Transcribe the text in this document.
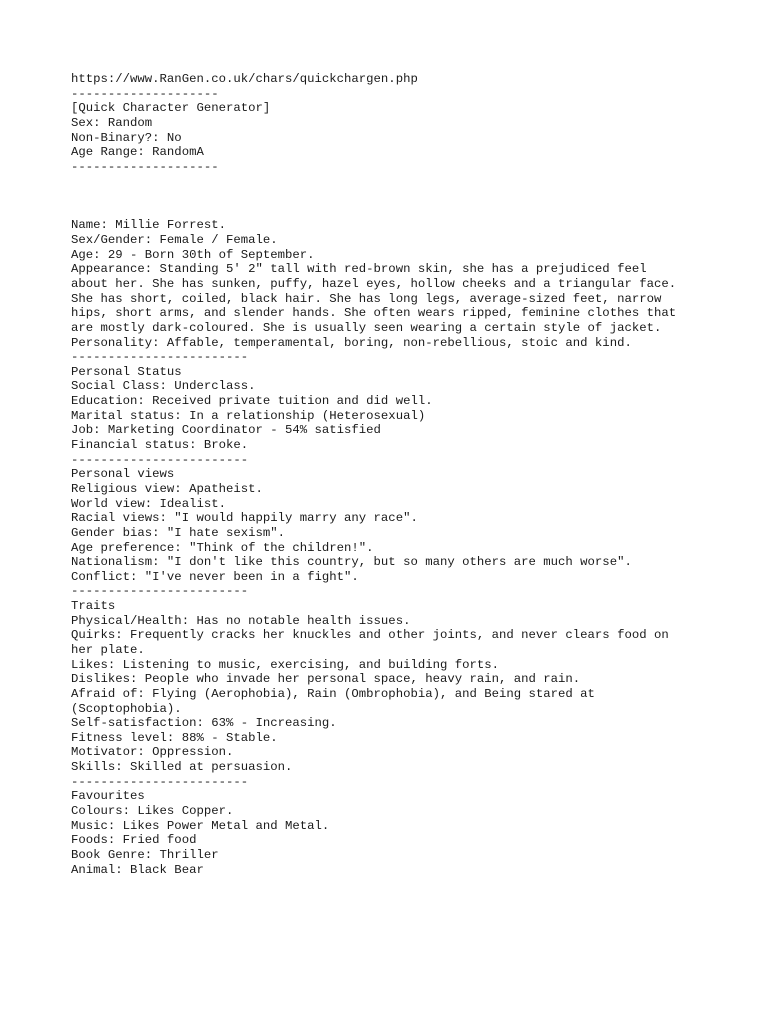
https://www.RanGen.co.uk/chars/quickchargen.php
--------------------
[Quick Character Generator]
Sex: Random
Non-Binary?: No
Age Range: RandomA
--------------------
Name: Millie Forrest.
Sex/Gender: Female / Female.
Age: 29 - Born 30th of September.
Appearance: Standing 5' 2" tall with red-brown skin, she has a prejudiced feel
about her. She has sunken, puffy, hazel eyes, hollow cheeks and a triangular face.
She has short, coiled, black hair. She has long legs, average-sized feet, narrow
hips, short arms, and slender hands. She often wears ripped, feminine clothes that
are mostly dark-coloured. She is usually seen wearing a certain style of jacket.
Personality: Affable, temperamental, boring, non-rebellious, stoic and kind.
------------------------
Personal Status
Social Class: Underclass.
Education: Received private tuition and did well.
Marital status: In a relationship (Heterosexual)
Job: Marketing Coordinator - 54% satisfied
Financial status: Broke.
------------------------
Personal views
Religious view: Apatheist.
World view: Idealist.
Racial views: "I would happily marry any race".
Gender bias: "I hate sexism".
Age preference: "Think of the children!".
Nationalism: "I don't like this country, but so many others are much worse".
Conflict: "I've never been in a fight".
------------------------
Traits
Physical/Health: Has no notable health issues.
Quirks: Frequently cracks her knuckles and other joints, and never clears food on
her plate.
Likes: Listening to music, exercising, and building forts.
Dislikes: People who invade her personal space, heavy rain, and rain.
Afraid of: Flying (Aerophobia), Rain (Ombrophobia), and Being stared at
(Scoptophobia).
Self-satisfaction: 63% - Increasing.
Fitness level: 88% - Stable.
Motivator: Oppression.
Skills: Skilled at persuasion.
------------------------
Favourites
Colours: Likes Copper.
Music: Likes Power Metal and Metal.
Foods: Fried food
Book Genre: Thriller
Animal: Black Bear
